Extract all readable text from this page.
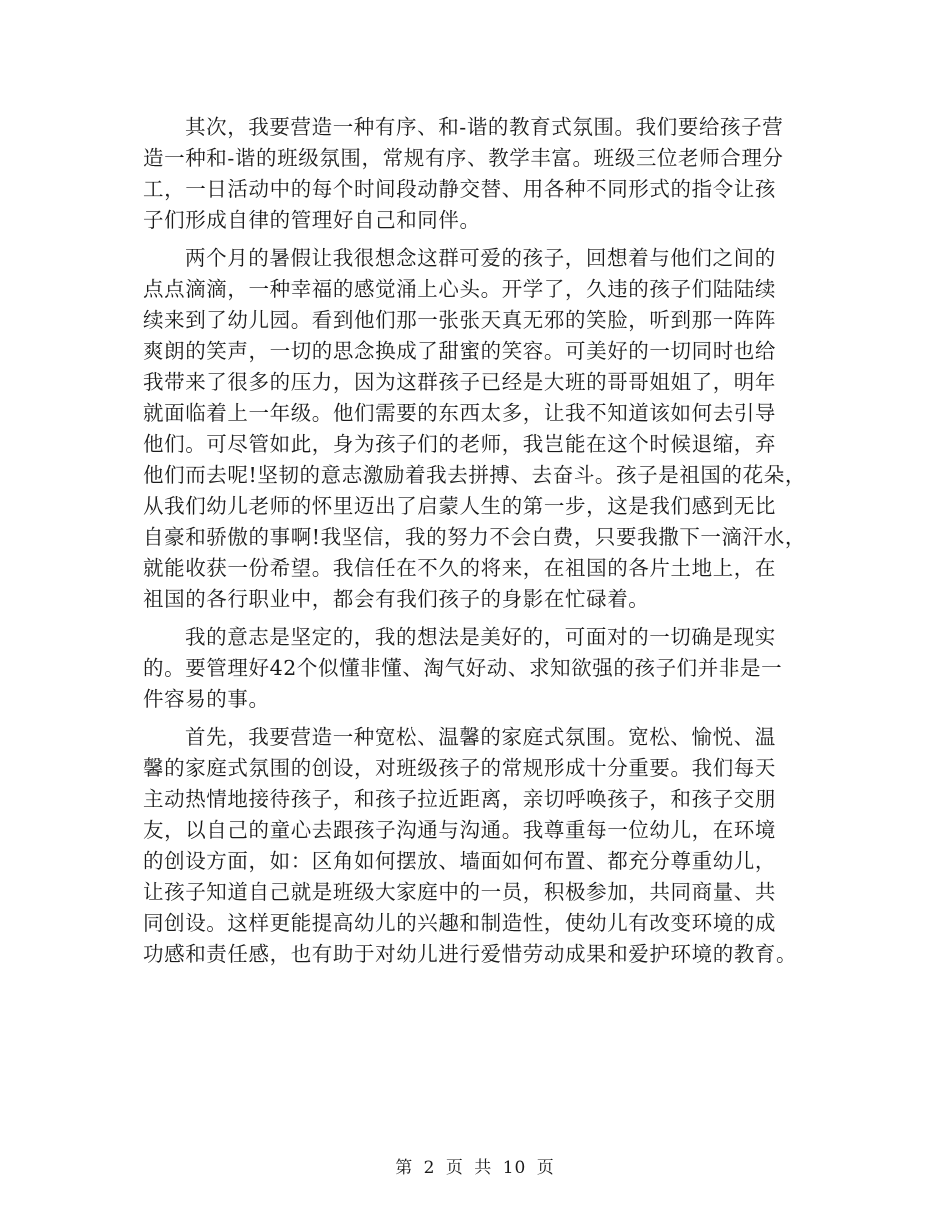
其次，我要营造一种有序、和-谐的教育式氛围。我们要给孩子营
造一种和-谐的班级氛围，常规有序、教学丰富。班级三位老师合理分
工，一日活动中的每个时间段动静交替、用各种不同形式的指令让孩
子们形成自律的管理好自己和同伴。

两个月的暑假让我很想念这群可爱的孩子，回想着与他们之间的
点点滴滴，一种幸福的感觉涌上心头。开学了，久违的孩子们陆陆续
续来到了幼儿园。看到他们那一张张天真无邪的笑脸，听到那一阵阵
爽朗的笑声，一切的思念换成了甜蜜的笑容。可美好的一切同时也给
我带来了很多的压力，因为这群孩子已经是大班的哥哥姐姐了，明年
就面临着上一年级。他们需要的东西太多，让我不知道该如何去引导
他们。可尽管如此，身为孩子们的老师，我岂能在这个时候退缩，弃
他们而去呢!坚韧的意志激励着我去拼搏、去奋斗。孩子是祖国的花朵，
从我们幼儿老师的怀里迈出了启蒙人生的第一步，这是我们感到无比
自豪和骄傲的事啊!我坚信，我的努力不会白费，只要我撒下一滴汗水，
就能收获一份希望。我信任在不久的将来，在祖国的各片土地上，在
祖国的各行职业中，都会有我们孩子的身影在忙碌着。

我的意志是坚定的，我的想法是美好的，可面对的一切确是现实
的。要管理好42个似懂非懂、淘气好动、求知欲强的孩子们并非是一
件容易的事。

首先，我要营造一种宽松、温馨的家庭式氛围。宽松、愉悦、温
馨的家庭式氛围的创设，对班级孩子的常规形成十分重要。我们每天
主动热情地接待孩子，和孩子拉近距离，亲切呼唤孩子，和孩子交朋
友，以自己的童心去跟孩子沟通与沟通。我尊重每一位幼儿，在环境
的创设方面，如：区角如何摆放、墙面如何布置、都充分尊重幼儿，
让孩子知道自己就是班级大家庭中的一员，积极参加，共同商量、共
同创设。这样更能提高幼儿的兴趣和制造性，使幼儿有改变环境的成
功感和责任感，也有助于对幼儿进行爱惜劳动成果和爱护环境的教育。

第 2 页 共 10 页
